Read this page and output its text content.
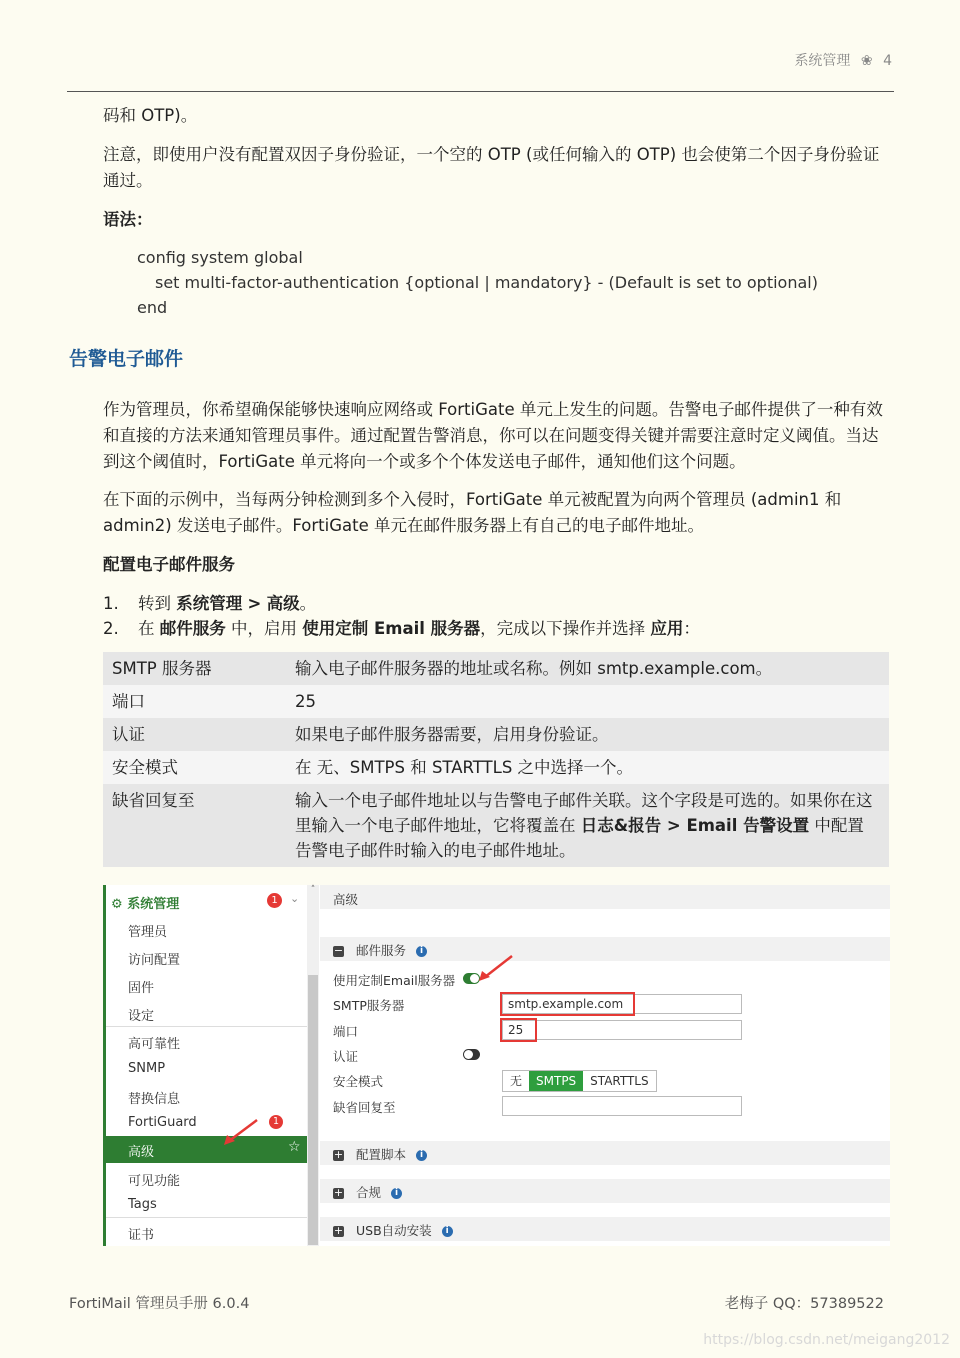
系统管理 ❀ 4
码和 OTP)。
注意，即使用户没有配置双因子身份验证，一个空的 OTP (或任何输入的 OTP) 也会使第二个因子身份验证通过。
语法：
config system global
set multi-factor-authentication {optional | mandatory} - (Default is set to optional)
end
告警电子邮件
作为管理员，你希望确保能够快速响应网络或 FortiGate 单元上发生的问题。告警电子邮件提供了一种有效和直接的方法来通知管理员事件。通过配置告警消息，你可以在问题变得关键并需要注意时定义阈值。当达到这个阈值时，FortiGate 单元将向一个或多个个体发送电子邮件，通知他们这个问题。
在下面的示例中，当每两分钟检测到多个入侵时，FortiGate 单元被配置为向两个管理员 (admin1 和 admin2) 发送电子邮件。FortiGate 单元在邮件服务器上有自己的电子邮件地址。
配置电子邮件服务
1. 转到 系统管理 > 高级。
2. 在 邮件服务 中，启用 使用定制 Email 服务器，完成以下操作并选择 应用：
SMTP 服务器	输入电子邮件服务器的地址或名称。例如 smtp.example.com。
端口	25
认证	如果电子邮件服务器需要，启用身份验证。
安全模式	在 无、SMTPS 和 STARTTLS 之中选择一个。
缺省回复至	输入一个电子邮件地址以与告警电子邮件关联。这个字段是可选的。如果你在这里输入一个电子邮件地址，它将覆盖在 日志&报告 > Email 告警设置 中配置告警电子邮件时输入的电子邮件地址。
⚙ 系统管理	1	⌄
管理员
访问配置
固件
设定
高可靠性
SNMP
替换信息
FortiGuard	1
高级	☆
可见功能
Tags
证书
˄
高级
− 邮件服务 i
使用定制Email服务器
SMTP服务器	smtp.example.com
端口	25
认证
安全模式	无	SMTPS	STARTTLS
缺省回复至
+ 配置脚本 i
+ 合规 i
+ USB自动安装 i
FortiMail 管理员手册 6.0.4	老梅子 QQ：57389522
https://blog.csdn.net/meigang2012
